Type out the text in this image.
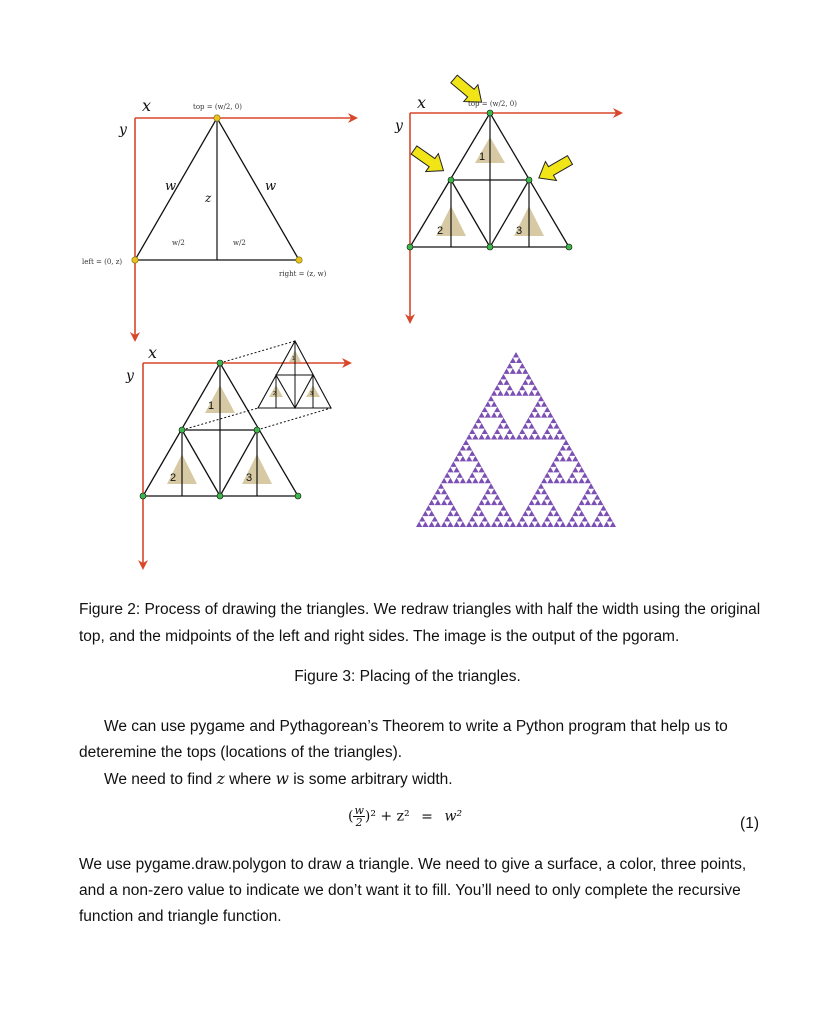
x
y
top = (w/2, 0)
left = (0, z)
right = (z, w)
w	w
z
w/2	w/2
x
y
top = (w/2, 0)
1
2	3
x
y
1
2	3
1
2	3
Figure 2: Process of drawing the triangles. We redraw triangles with half the width using the original top, and the midpoints of the left and right sides. The image is the output of the pgoram.
Figure 3: Placing of the triangles.
We can use pygame and Pythagorean’s Theorem to write a Python program that help us to deteremine the tops (locations of the triangles).
We need to find z where w is some arbitrary width.
( $\frac{w}{2} )^2 + z^2 = w^2$	(1)
We use pygame.draw.polygon to draw a triangle. We need to give a surface, a color, three points, and a non-zero value to indicate we don’t want it to fill. You’ll need to only complete the recursive function and triangle function.
